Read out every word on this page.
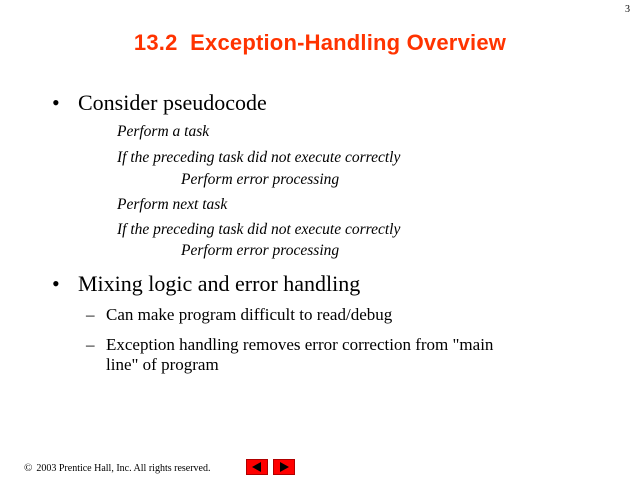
3
13.2  Exception-Handling Overview
• Consider pseudocode
Perform a task
If the preceding task did not execute correctly
Perform error processing
Perform next task
If the preceding task did not execute correctly
Perform error processing
• Mixing logic and error handling
– Can make program difficult to read/debug
– Exception handling removes error correction from "main
line" of program
© 2003 Prentice Hall, Inc. All rights reserved.
